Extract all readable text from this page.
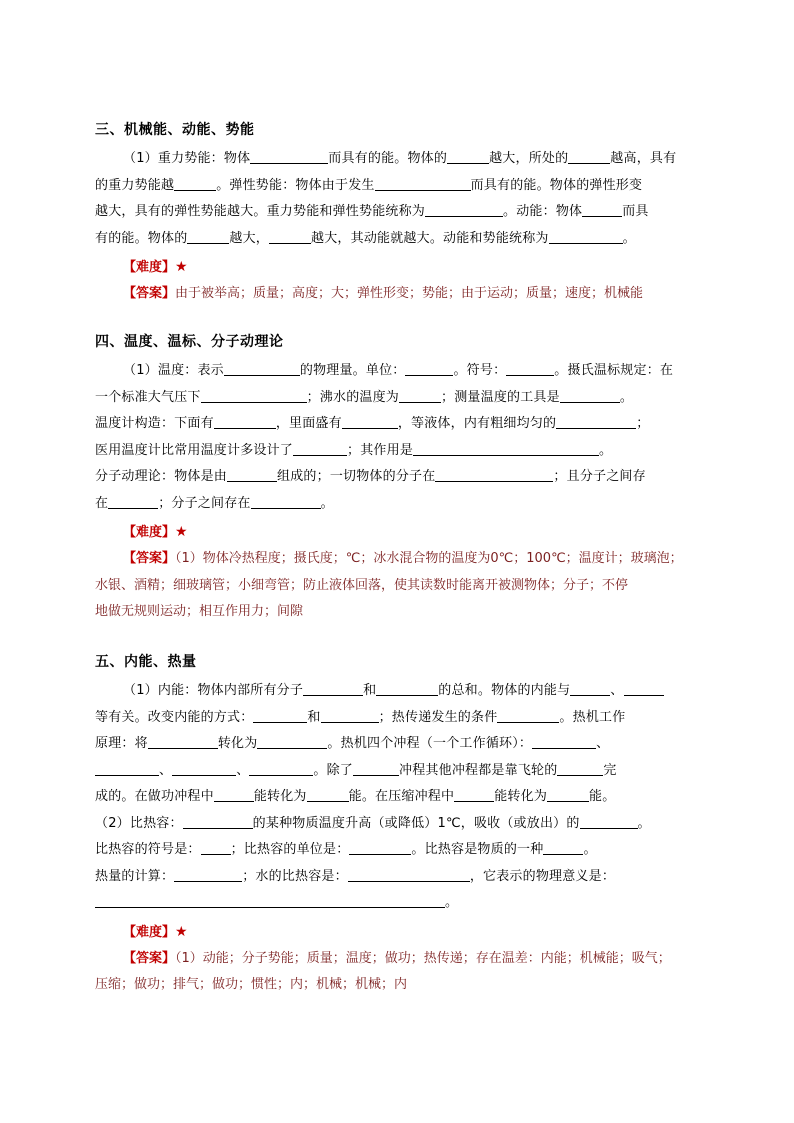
三、机械能、动能、势能
（1）重力势能：物体	而具有的能。物体的	越大，所处的	越高，具有
的重力势能越	。弹性势能：物体由于发生	而具有的能。物体的弹性形变
越大，具有的弹性势能越大。重力势能和弹性势能统称为	。动能：物体	而具
有的能。物体的	越大，	越大，其动能就越大。动能和势能统称为	。
【难度】★
【答案】由于被举高；质量；高度；大；弹性形变；势能；由于运动；质量；速度；机械能
四、温度、温标、分子动理论
（1）温度：表示	的物理量。单位：	。符号：	。摄氏温标规定：在
一个标准大气压下	；沸水的温度为	；测量温度的工具是	。
温度计构造：下面有	，里面盛有	，等液体，内有粗细均匀的	；
医用温度计比常用温度计多设计了	；其作用是	。
分子动理论：物体是由	组成的；一切物体的分子在	；且分子之间存
在	；分子之间存在	。
【难度】★
【答案】（1）物体冷热程度；摄氏度；℃；冰水混合物的温度为0℃；100℃；温度计；玻璃泡；
水银、酒精；细玻璃管；小细弯管；防止液体回落，使其读数时能离开被测物体；分子；不停
地做无规则运动；相互作用力；间隙
五、内能、热量
（1）内能：物体内部所有分子	和	的总和。物体的内能与	、
等有关。改变内能的方式：	和	；热传递发生的条件	。热机工作
原理：将	转化为	。热机四个冲程（一个工作循环）：	、
、	、	。除了	冲程其他冲程都是靠飞轮的	完
成的。在做功冲程中	能转化为	能。在压缩冲程中	能转化为	能。
（2）比热容：	的某种物质温度升高（或降低）1℃，吸收（或放出）的	。
比热容的符号是： ；比热容的单位是：	。比热容是物质的一种	。
热量的计算：	；水的比热容是：	，它表示的物理意义是：
。
【难度】★
【答案】（1）动能；分子势能；质量；温度；做功；热传递；存在温差：内能；机械能；吸气；
压缩；做功；排气；做功；惯性；内；机械；机械；内
